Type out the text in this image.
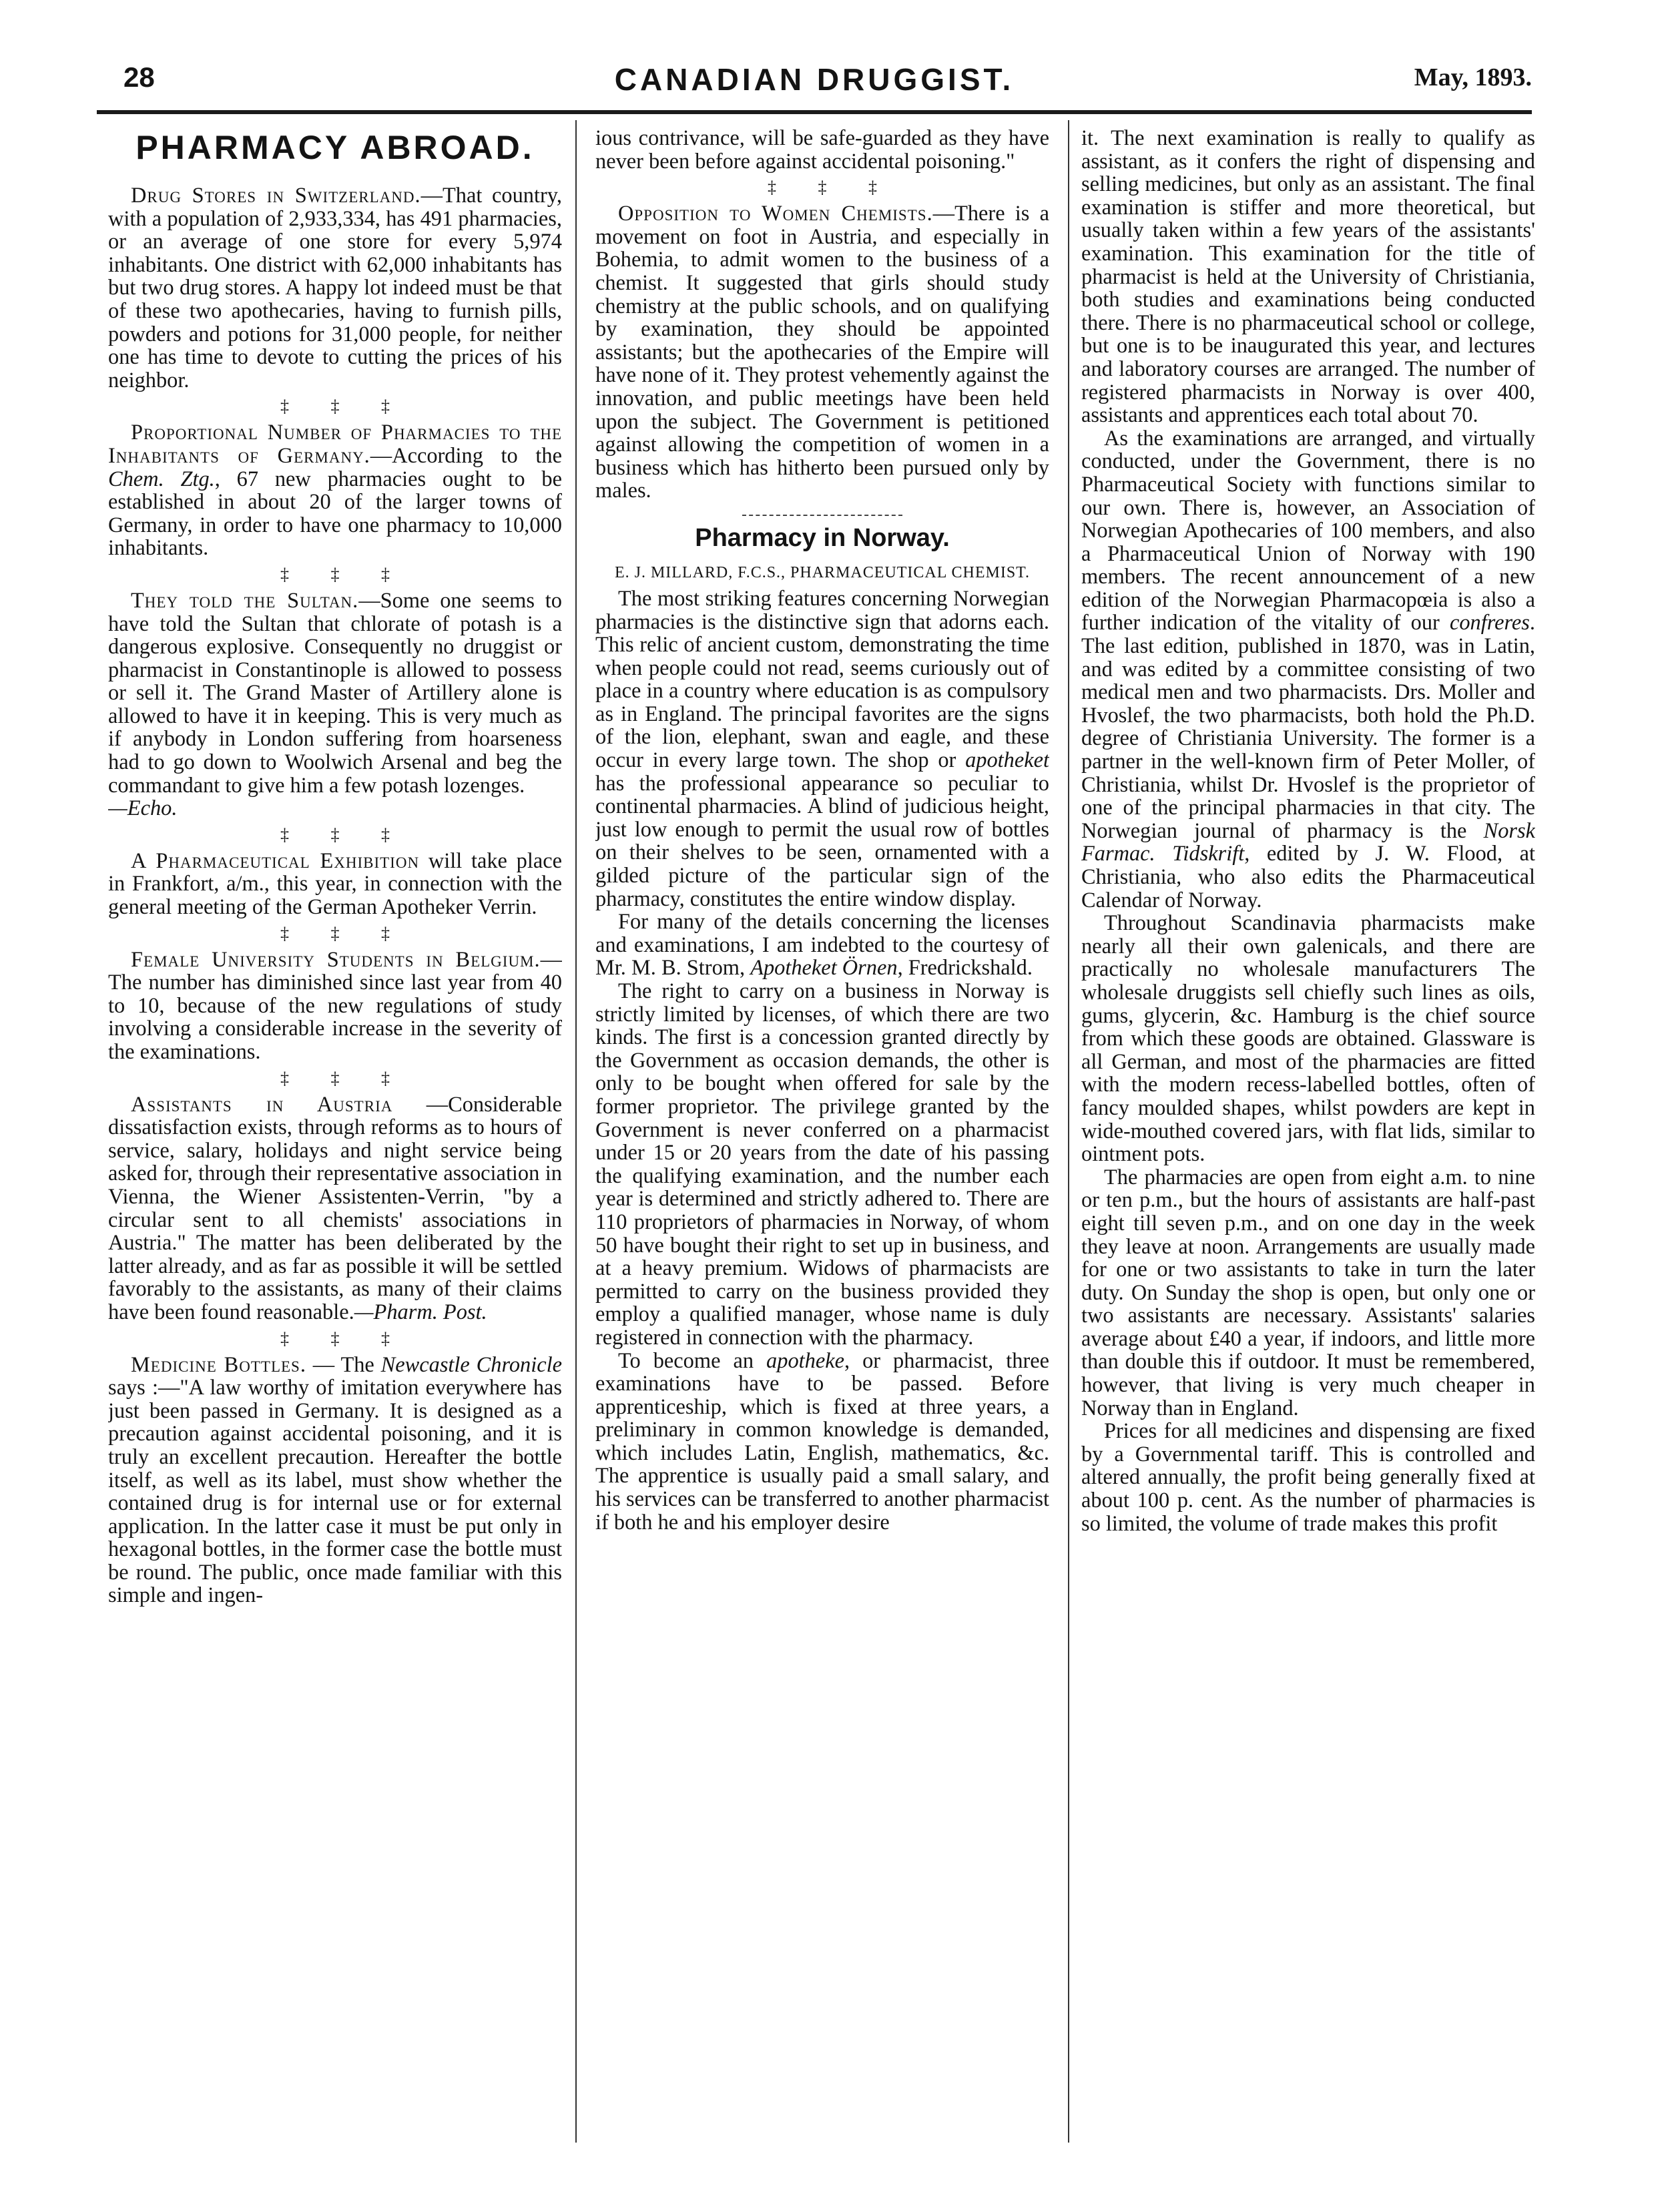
28	CANADIAN DRUGGIST.	May, 1893.
PHARMACY ABROAD.

Drug Stores in Switzerland.—That country, with a population of 2,933,334, has 491 pharmacies, or an average of one store for every 5,974 inhabitants. One district with 62,000 inhabitants has but two drug stores. A happy lot indeed must be that of these two apothecaries, having to furnish pills, powders and potions for 31,000 people, for neither one has time to devote to cutting the prices of his neighbor.

‡ ‡ ‡

Proportional Number of Pharmacies to the Inhabitants of Germany.—According to the Chem. Ztg., 67 new pharmacies ought to be established in about 20 of the larger towns of Germany, in order to have one pharmacy to 10,000 inhabitants.

‡ ‡ ‡

They told the Sultan.—Some one seems to have told the Sultan that chlorate of potash is a dangerous explosive. Consequently no druggist or pharmacist in Constantinople is allowed to possess or sell it. The Grand Master of Artillery alone is allowed to have it in keeping. This is very much as if anybody in London suffering from hoarseness had to go down to Woolwich Arsenal and beg the commandant to give him a few potash lozenges.

—Echo.

‡ ‡ ‡

A Pharmaceutical Exhibition will take place in Frankfort, a/m., this year, in connection with the general meeting of the German Apotheker Verrin.

‡ ‡ ‡

Female University Students in Belgium.—The number has diminished since last year from 40 to 10, because of the new regulations of study involving a considerable increase in the severity of the examinations.

‡ ‡ ‡

Assistants in Austria —Considerable dissatisfaction exists, through reforms as to hours of service, salary, holidays and night service being asked for, through their representative association in Vienna, the Wiener Assistenten-Verrin, "by a circular sent to all chemists' associations in Austria." The matter has been deliberated by the latter already, and as far as possible it will be settled favorably to the assistants, as many of their claims have been found reasonable.—Pharm. Post.

‡ ‡ ‡

Medicine Bottles. — The Newcastle Chronicle says :—"A law worthy of imitation everywhere has just been passed in Germany. It is designed as a precaution against accidental poisoning, and it is truly an excellent precaution. Hereafter the bottle itself, as well as its label, must show whether the contained drug is for internal use or for external application. In the latter case it must be put only in hexagonal bottles, in the former case the bottle must be round. The public, once made familiar with this simple and ingen-

ious contrivance, will be safe-guarded as they have never been before against accidental poisoning."

‡ ‡ ‡

Opposition to Women Chemists.—There is a movement on foot in Austria, and especially in Bohemia, to admit women to the business of a chemist. It suggested that girls should study chemistry at the public schools, and on qualifying by examination, they should be appointed assistants; but the apothecaries of the Empire will have none of it. They protest vehemently against the innovation, and public meetings have been held upon the subject. The Government is petitioned against allowing the competition of women in a business which has hitherto been pursued only by males.

Pharmacy in Norway.
E. J. MILLARD, F.C.S., PHARMACEUTICAL CHEMIST.

The most striking features concerning Norwegian pharmacies is the distinctive sign that adorns each. This relic of ancient custom, demonstrating the time when people could not read, seems curiously out of place in a country where education is as compulsory as in England. The principal favorites are the signs of the lion, elephant, swan and eagle, and these occur in every large town. The shop or apotheket has the professional appearance so peculiar to continental pharmacies. A blind of judicious height, just low enough to permit the usual row of bottles on their shelves to be seen, ornamented with a gilded picture of the particular sign of the pharmacy, constitutes the entire window display.

For many of the details concerning the licenses and examinations, I am indebted to the courtesy of Mr. M. B. Strom, Apotheket Örnen, Fredrickshald.

The right to carry on a business in Norway is strictly limited by licenses, of which there are two kinds. The first is a concession granted directly by the Government as occasion demands, the other is only to be bought when offered for sale by the former proprietor. The privilege granted by the Government is never conferred on a pharmacist under 15 or 20 years from the date of his passing the qualifying examination, and the number each year is determined and strictly adhered to. There are 110 proprietors of pharmacies in Norway, of whom 50 have bought their right to set up in business, and at a heavy premium. Widows of pharmacists are permitted to carry on the business provided they employ a qualified manager, whose name is duly registered in connection with the pharmacy.

To become an apotheke, or pharmacist, three examinations have to be passed. Before apprenticeship, which is fixed at three years, a preliminary in common knowledge is demanded, which includes Latin, English, mathematics, &c. The apprentice is usually paid a small salary, and his services can be transferred to another pharmacist if both he and his employer desire

it. The next examination is really to qualify as assistant, as it confers the right of dispensing and selling medicines, but only as an assistant. The final examination is stiffer and more theoretical, but usually taken within a few years of the assistants' examination. This examination for the title of pharmacist is held at the University of Christiania, both studies and examinations being conducted there. There is no pharmaceutical school or college, but one is to be inaugurated this year, and lectures and laboratory courses are arranged. The number of registered pharmacists in Norway is over 400, assistants and apprentices each total about 70.

As the examinations are arranged, and virtually conducted, under the Government, there is no Pharmaceutical Society with functions similar to our own. There is, however, an Association of Norwegian Apothecaries of 100 members, and also a Pharmaceutical Union of Norway with 190 members. The recent announcement of a new edition of the Norwegian Pharmacopœia is also a further indication of the vitality of our confreres. The last edition, published in 1870, was in Latin, and was edited by a committee consisting of two medical men and two pharmacists. Drs. Moller and Hvoslef, the two pharmacists, both hold the Ph.D. degree of Christiania University. The former is a partner in the well-known firm of Peter Moller, of Christiania, whilst Dr. Hvoslef is the proprietor of one of the principal pharmacies in that city. The Norwegian journal of pharmacy is the Norsk Farmac. Tidskrift, edited by J. W. Flood, at Christiania, who also edits the Pharmaceutical Calendar of Norway.

Throughout Scandinavia pharmacists make nearly all their own galenicals, and there are practically no wholesale manufacturers The wholesale druggists sell chiefly such lines as oils, gums, glycerin, &c. Hamburg is the chief source from which these goods are obtained. Glassware is all German, and most of the pharmacies are fitted with the modern recess-labelled bottles, often of fancy moulded shapes, whilst powders are kept in wide-mouthed covered jars, with flat lids, similar to ointment pots.

The pharmacies are open from eight a.m. to nine or ten p.m., but the hours of assistants are half-past eight till seven p.m., and on one day in the week they leave at noon. Arrangements are usually made for one or two assistants to take in turn the later duty. On Sunday the shop is open, but only one or two assistants are necessary. Assistants' salaries average about £40 a year, if indoors, and little more than double this if outdoor. It must be remembered, however, that living is very much cheaper in Norway than in England.

Prices for all medicines and dispensing are fixed by a Governmental tariff. This is controlled and altered annually, the profit being generally fixed at about 100 p. cent. As the number of pharmacies is so limited, the volume of trade makes this profit
